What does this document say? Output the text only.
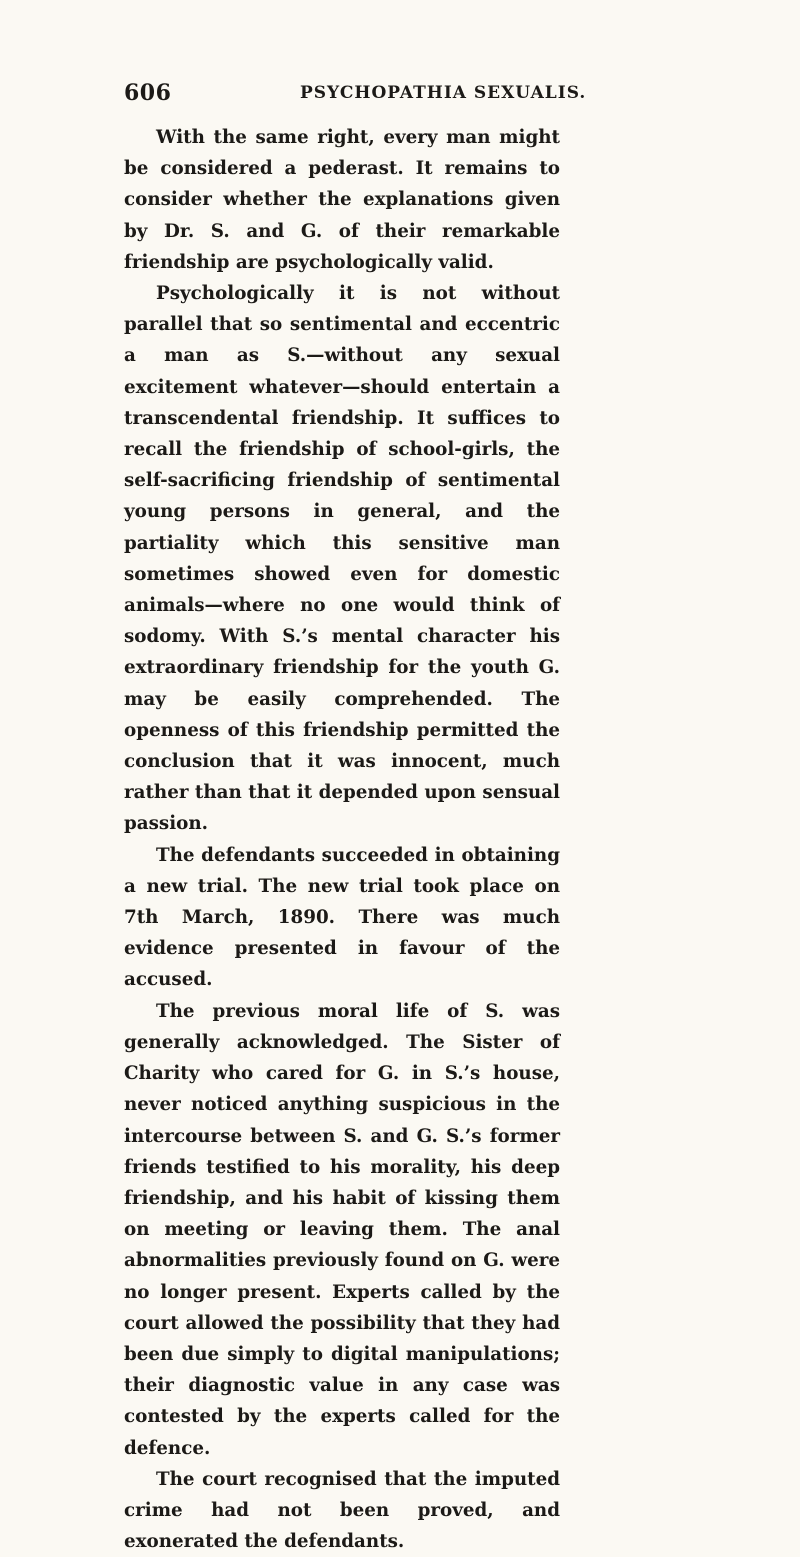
606	PSYCHOPATHIA SEXUALIS.

With the same right, every man might be considered a pederast. It remains to consider whether the explanations given by Dr. S. and G. of their remarkable friendship are psychologically valid.

Psychologically it is not without parallel that so sentimental and eccentric a man as S.—without any sexual excitement whatever—should entertain a transcendental friendship. It suffices to recall the friendship of school-girls, the self-sacrificing friendship of sentimental young persons in general, and the partiality which this sensitive man sometimes showed even for domestic animals—where no one would think of sodomy. With S.’s mental character his extraordinary friendship for the youth G. may be easily comprehended. The openness of this friendship permitted the conclusion that it was innocent, much rather than that it depended upon sensual passion.

The defendants succeeded in obtaining a new trial. The new trial took place on 7th March, 1890. There was much evidence presented in favour of the accused.

The previous moral life of S. was generally acknowledged. The Sister of Charity who cared for G. in S.’s house, never noticed anything suspicious in the intercourse between S. and G. S.’s former friends testified to his morality, his deep friendship, and his habit of kissing them on meeting or leaving them. The anal abnormalities previously found on G. were no longer present. Experts called by the court allowed the possibility that they had been due simply to digital manipulations; their diagnostic value in any case was contested by the experts called for the defence.

The court recognised that the imputed crime had not been proved, and exonerated the defendants.
